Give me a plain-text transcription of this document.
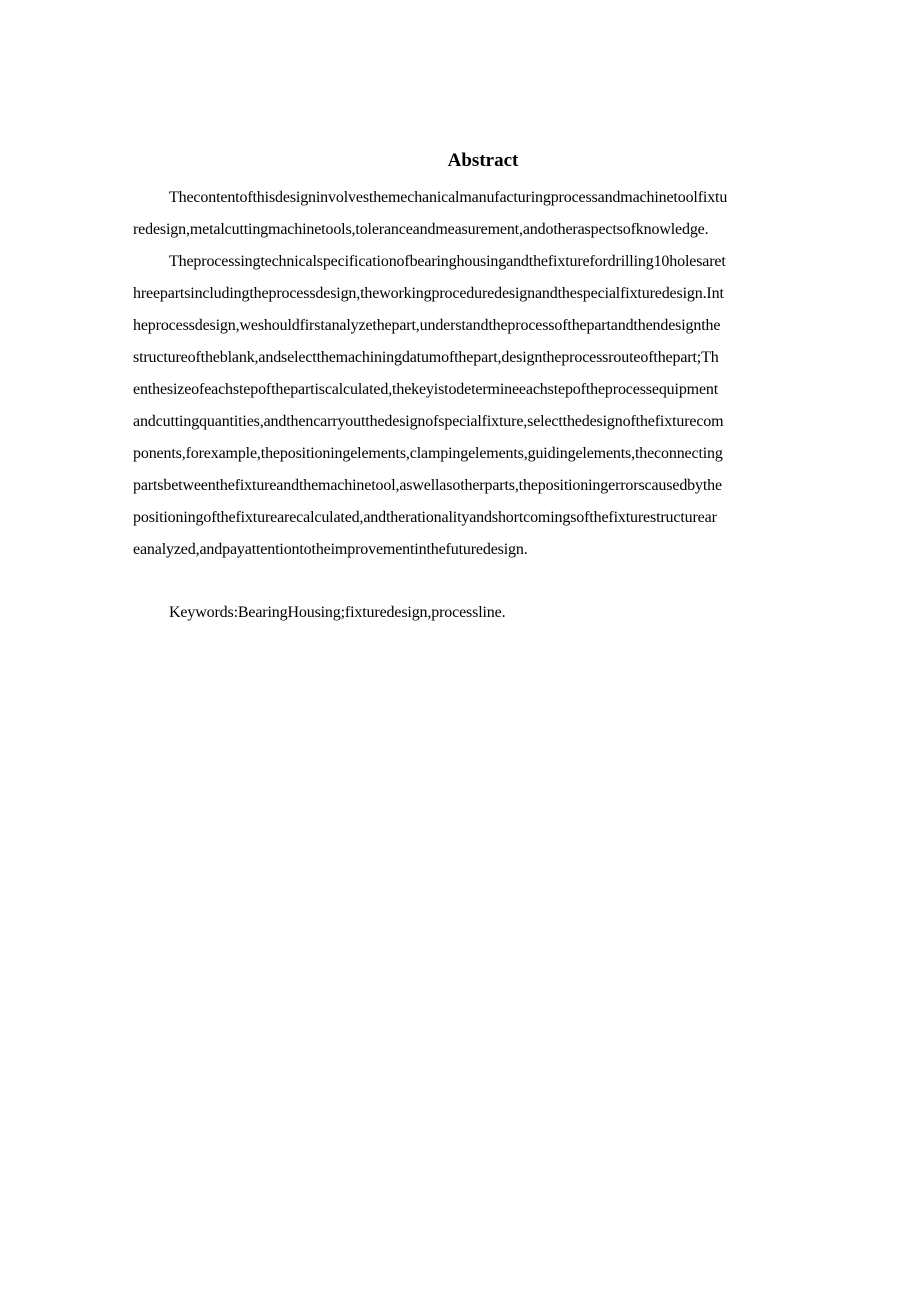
Abstract
Thecontentofthisdesigninvolvesthemechanicalmanufacturingprocessandmachinetoolfixtu
redesign,metalcuttingmachinetools,toleranceandmeasurement,andotheraspectsofknowledge.
Theprocessingtechnicalspecificationofbearinghousingandthefixturefordrilling10holesaret
hreepartsincludingtheprocessdesign,theworkingproceduredesignandthespecialfixturedesign.Int
heprocessdesign,weshouldfirstanalyzethepart,understandtheprocessofthepartandthendesignthe
structureoftheblank,andselectthemachiningdatumofthepart,designtheprocessrouteofthepart;Th
enthesizeofeachstepofthepartiscalculated,thekeyistodetermineeachstepoftheprocessequipment
andcuttingquantities,andthencarryoutthedesignofspecialfixture,selectthedesignofthefixturecom
ponents,forexample,thepositioningelements,clampingelements,guidingelements,theconnecting
partsbetweenthefixtureandthemachinetool,aswellasotherparts,thepositioningerrorscausedbythe
positioningofthefixturearecalculated,andtherationalityandshortcomingsofthefixturestructurear
eanalyzed,andpayattentiontotheimprovementinthefuturedesign.
Keywords:BearingHousing;fixturedesign,processline.
